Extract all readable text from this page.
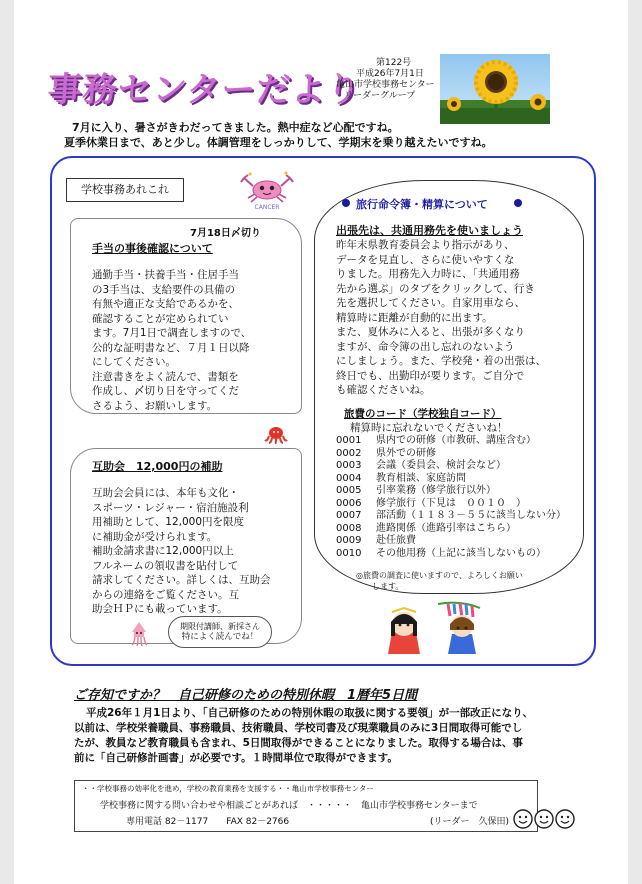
事務センターだより
第122号
平成26年7月1日
亀山市学校事務センター
リーダーグループ
7月に入り、暑さがきわだってきました。熱中症など心配ですね。
夏季休業日まで、あと少し。体調管理をしっかりして、学期末を乗り越えたいですね。
学校事務あれこれ
CANCER
7月18日〆切り
手当の事後確認について
通勤手当・扶養手当・住居手当
の3手当は、支給要件の具備の
有無や適正な支給であるかを、
確認することが定められてい
ます。7月1日で調査しますので、
公的な証明書など、７月１日以降
にしてください。
注意書きをよく読んで、書類を
作成し、〆切り日を守ってくだ
さるよう、お願いします。
互助会　12,000円の補助
互助会会員には、本年も文化・
スポーツ・レジャー・宿泊施設利
用補助として、12,000円を限度
に補助金が受けられます。
補助金請求書に12,000円以上
フルネームの領収書を貼付して
請求してください。詳しくは、互助会
からの連絡をご覧ください。互
助会ＨＰにも載っています。
期限付講師、新採さん
特によく読んでね！
旅行命令簿・精算について
出張先は、共通用務先を使いましょう
昨年末県教育委員会より指示があり、
データを見直し、さらに使いやすくな
りました。用務先入力時に、「共通用務
先から選ぶ」のタブをクリックして、行き
先を選択してください。自家用車なら、
精算時に距離が自動的に出ます。
また、夏休みに入ると、出張が多くなり
ますが、命令簿の出し忘れのないよう
にしましょう。また、学校発・着の出張は、
終日でも、出勤印が要ります。ご自分で
も確認くださいね。
旅費のコード（学校独自コード）
精算時に忘れないでくださいね！
0001	県内での研修（市教研、講座含む）
0002	県外での研修
0003	会議（委員会、検討会など）
0004	教育相談、家庭訪問
0005	引率業務（修学旅行以外）
0006	修学旅行（下見は　００１０　）
0007	部活動（１１８３－５５に該当しない分）
0008	進路関係（進路引率はこちら）
0009	赴任旅費
0010	その他用務（上記に該当しないもの）
◎旅費の調査に使いますので、よろしくお願い
します。
ご存知ですか？　自己研修のための特別休暇　1暦年5日間
平成26年１月1日より、「自己研修のための特別休暇の取扱に関する要領」が一部改正になり、
以前は、学校栄養職員、事務職員、技術職員、学校司書及び現業職員のみに3日間取得可能でし
たが、教員など教育職員も含まれ、5日間取得ができることになりました。取得する場合は、事
前に「自己研修計画書」が必要です。１時間単位で取得ができます。
・・学校事務の効率化を進め，学校の教育業務を支援する・・亀山市学校事務センター
学校事務に関する問い合わせや相談ごとがあれば　・・・・・　亀山市学校事務センターまで
専用電話 82－1177　　FAX 82－2766	(リーダー　久保田)
